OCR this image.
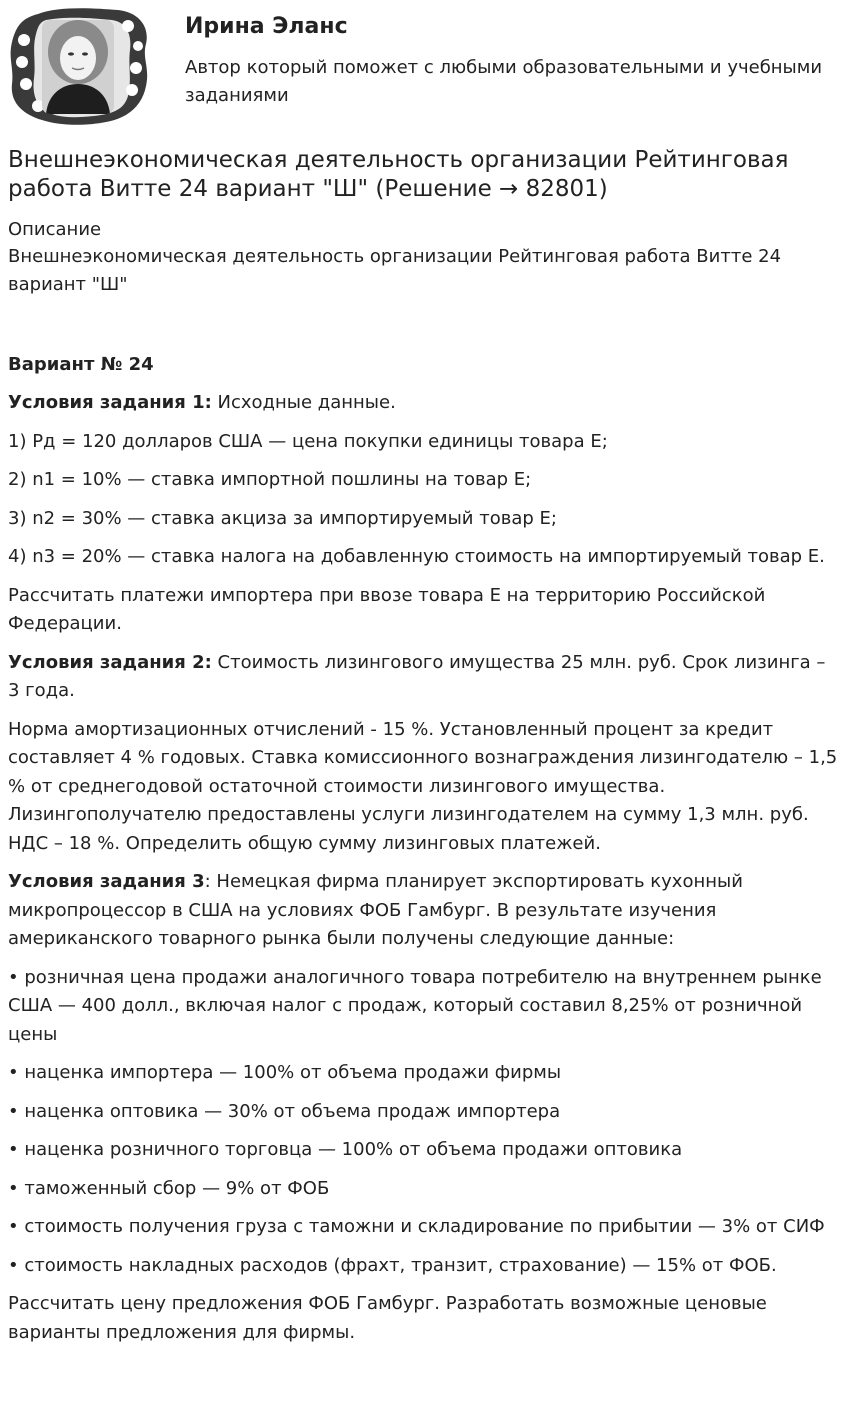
Ирина Эланс
Автор который поможет с любыми образовательными и учебными заданиями
Внешнеэкономическая деятельность организации Рейтинговая работа Витте 24 вариант "Ш" (Решение → 82801)
Описание
Внешнеэкономическая деятельность организации Рейтинговая работа Витте 24 вариант "Ш"
Вариант № 24

Условия задания 1: Исходные данные.

1) Рд = 120 долларов США — цена покупки единицы товара Е;

2) n1 = 10% — ставка импортной пошлины на товар Е;

3) n2 = 30% — ставка акциза за импортируемый товар Е;

4) n3 = 20% — ставка налога на добавленную стоимость на импортируемый товар Е.

Рассчитать платежи импортера при ввозе товара Е на территорию Российской Федерации.

Условия задания 2: Стоимость лизингового имущества 25 млн. руб. Срок лизинга – 3 года.

Норма амортизационных отчислений - 15 %. Установленный процент за кредит составляет 4 % годовых. Ставка комиссионного вознаграждения лизингодателю – 1,5 % от среднегодовой остаточной стоимости лизингового имущества. Лизингополучателю предоставлены услуги лизингодателем на сумму 1,3 млн. руб. НДС – 18 %. Определить общую сумму лизинговых платежей.

Условия задания 3: Немецкая фирма планирует экспортировать кухонный микропроцессор в США на условиях ФОБ Гамбург. В результате изучения американского товарного рынка были получены следующие данные:

• розничная цена продажи аналогичного товара потребителю на внутреннем рынке США — 400 долл., включая налог с продаж, который составил 8,25% от розничной цены

• наценка импортера — 100% от объема продажи фирмы

• наценка оптовика — 30% от объема продаж импортера

• наценка розничного торговца — 100% от объема продажи оптовика

• таможенный сбор — 9% от ФОБ

• стоимость получения груза с таможни и складирование по прибытии — 3% от СИФ

• стоимость накладных расходов (фрахт, транзит, страхование) — 15% от ФОБ.

Рассчитать цену предложения ФОБ Гамбург. Разработать возможные ценовые варианты предложения для фирмы.
